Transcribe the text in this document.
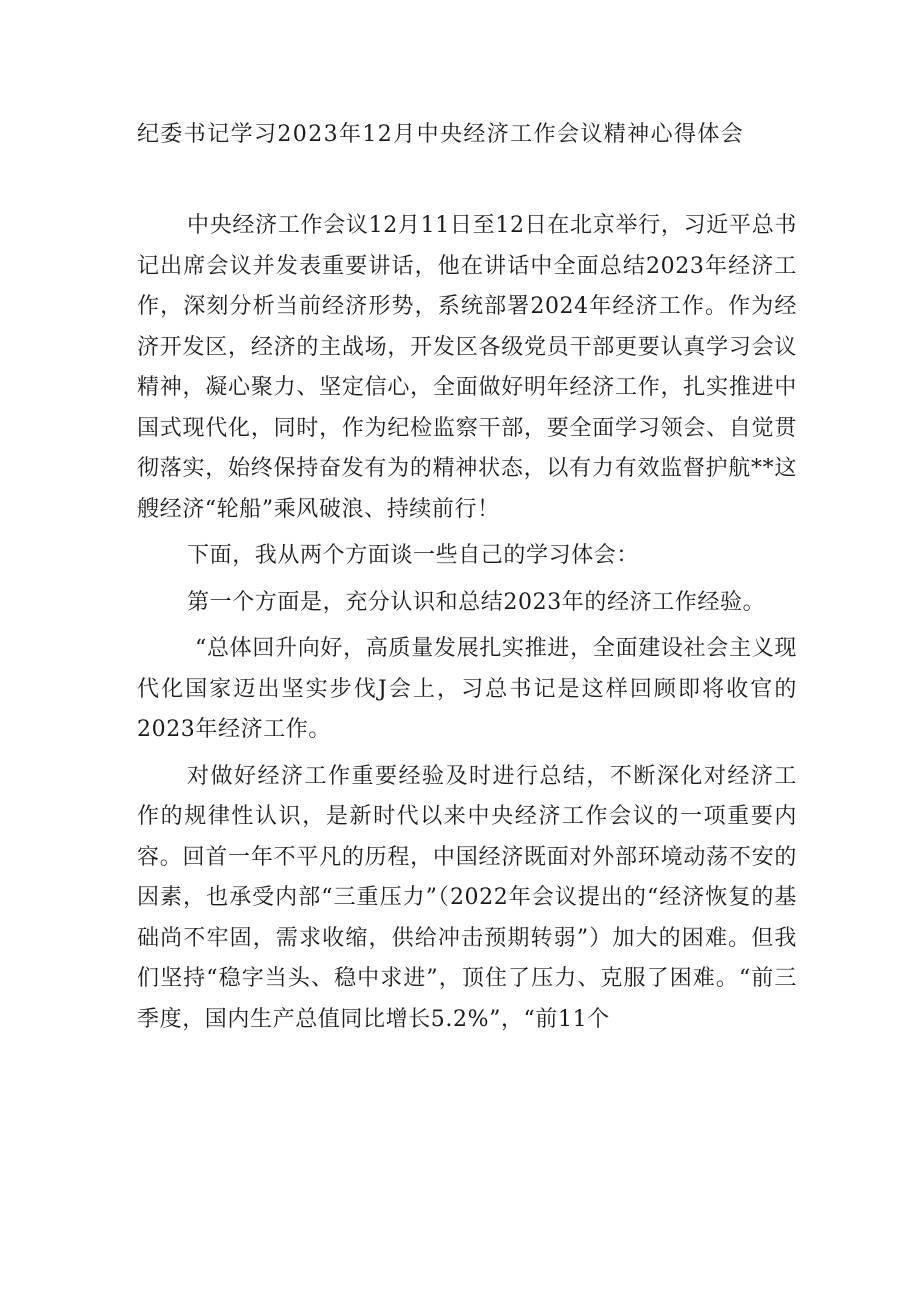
纪委书记学习2023年12月中央经济工作会议精神心得体会

中央经济工作会议12月11日至12日在北京举行，习近平总书记出席会议并发表重要讲话，他在讲话中全面总结2023年经济工作，深刻分析当前经济形势，系统部署2024年经济工作。作为经济开发区，经济的主战场，开发区各级党员干部更要认真学习会议精神，凝心聚力、坚定信心，全面做好明年经济工作，扎实推进中国式现代化，同时，作为纪检监察干部，要全面学习领会、自觉贯彻落实，始终保持奋发有为的精神状态，以有力有效监督护航**这艘经济“轮船”乘风破浪、持续前行！

下面，我从两个方面谈一些自己的学习体会：

第一个方面是，充分认识和总结2023年的经济工作经验。

“总体回升向好，高质量发展扎实推进，全面建设社会主义现代化国家迈出坚实步伐J会上，习总书记是这样回顾即将收官的2023年经济工作。

对做好经济工作重要经验及时进行总结，不断深化对经济工作的规律性认识，是新时代以来中央经济工作会议的一项重要内容。回首一年不平凡的历程，中国经济既面对外部环境动荡不安的因素，也承受内部“三重压力”（2022年会议提出的“经济恢复的基础尚不牢固，需求收缩，供给冲击预期转弱”）加大的困难。但我们坚持“稳字当头、稳中求进”，顶住了压力、克服了困难。“前三季度，国内生产总值同比增长5.2%”，“前11个
